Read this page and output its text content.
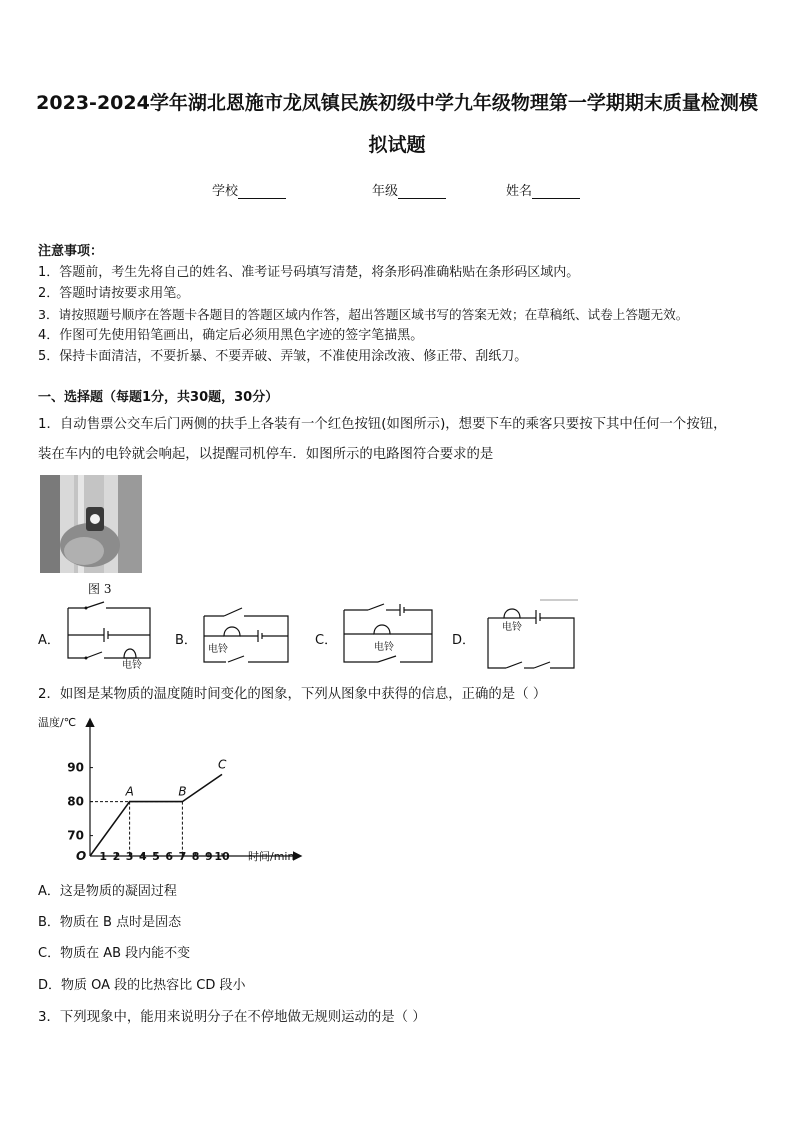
2023-2024学年湖北恩施市龙凤镇民族初级中学九年级物理第一学期期末质量检测模
拟试题
学校	年级	姓名
注意事项：
1．答题前，考生先将自己的姓名、准考证号码填写清楚，将条形码准确粘贴在条形码区域内。
2．答题时请按要求用笔。
3．请按照题号顺序在答题卡各题目的答题区域内作答，超出答题区域书写的答案无效；在草稿纸、试卷上答题无效。
4．作图可先使用铅笔画出，确定后必须用黑色字迹的签字笔描黑。
5．保持卡面清洁，不要折暴、不要弄破、弄皱，不准使用涂改液、修正带、刮纸刀。
一、选择题（每题1分，共30题，30分）
1．自动售票公交车后门两侧的扶手上各装有一个红色按钮(如图所示)，想要下车的乘客只要按下其中任何一个按钮，
装在车内的电铃就会响起，以提醒司机停车．如图所示的电路图符合要求的是
图 3
A．
电铃
B．
电铃
C．	电铃	D．
电铃
2．如图是某物质的温度随时间变化的图象，下列从图象中获得的信息，正确的是（ ）
温度/℃
时间/min
O 1 2 3 4 5 6 7 8 9 10
70
80
90
A	B
C
A．这是物质的凝固过程
B．物质在 B 点时是固态
C．物质在 AB 段内能不变
D．物质 OA 段的比热容比 CD 段小
3．下列现象中，能用来说明分子在不停地做无规则运动的是（ ）
